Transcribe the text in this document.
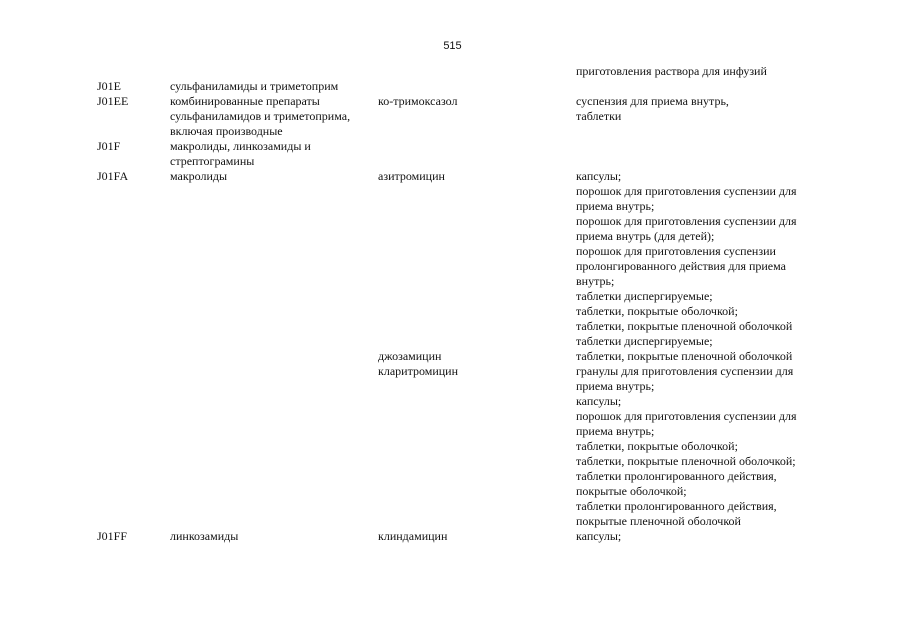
515
приготовления раствора для инфузий
J01E	сульфаниламиды и триметоприм
J01EE	комбинированные препараты
сульфаниламидов и триметоприма,
включая производные
ко-тримоксазол	суспензия для приема внутрь,
таблетки
J01F	макролиды, линкозамиды и
стрептограмины
J01FA	макролиды	азитромицин	капсулы;
порошок для приготовления суспензии для
приема внутрь;
порошок для приготовления суспензии для
приема внутрь (для детей);
порошок для приготовления суспензии
пролонгированного действия для приема
внутрь;
таблетки диспергируемые;
таблетки, покрытые оболочкой;
таблетки, покрытые пленочной оболочкой
таблетки диспергируемые;
джозамицин	таблетки, покрытые пленочной оболочкой
кларитромицин	гранулы для приготовления суспензии для
приема внутрь;
капсулы;
порошок для приготовления суспензии для
приема внутрь;
таблетки, покрытые оболочкой;
таблетки, покрытые пленочной оболочкой;
таблетки пролонгированного действия,
покрытые оболочкой;
таблетки пролонгированного действия,
покрытые пленочной оболочкой
J01FF	линкозамиды	клиндамицин	капсулы;
